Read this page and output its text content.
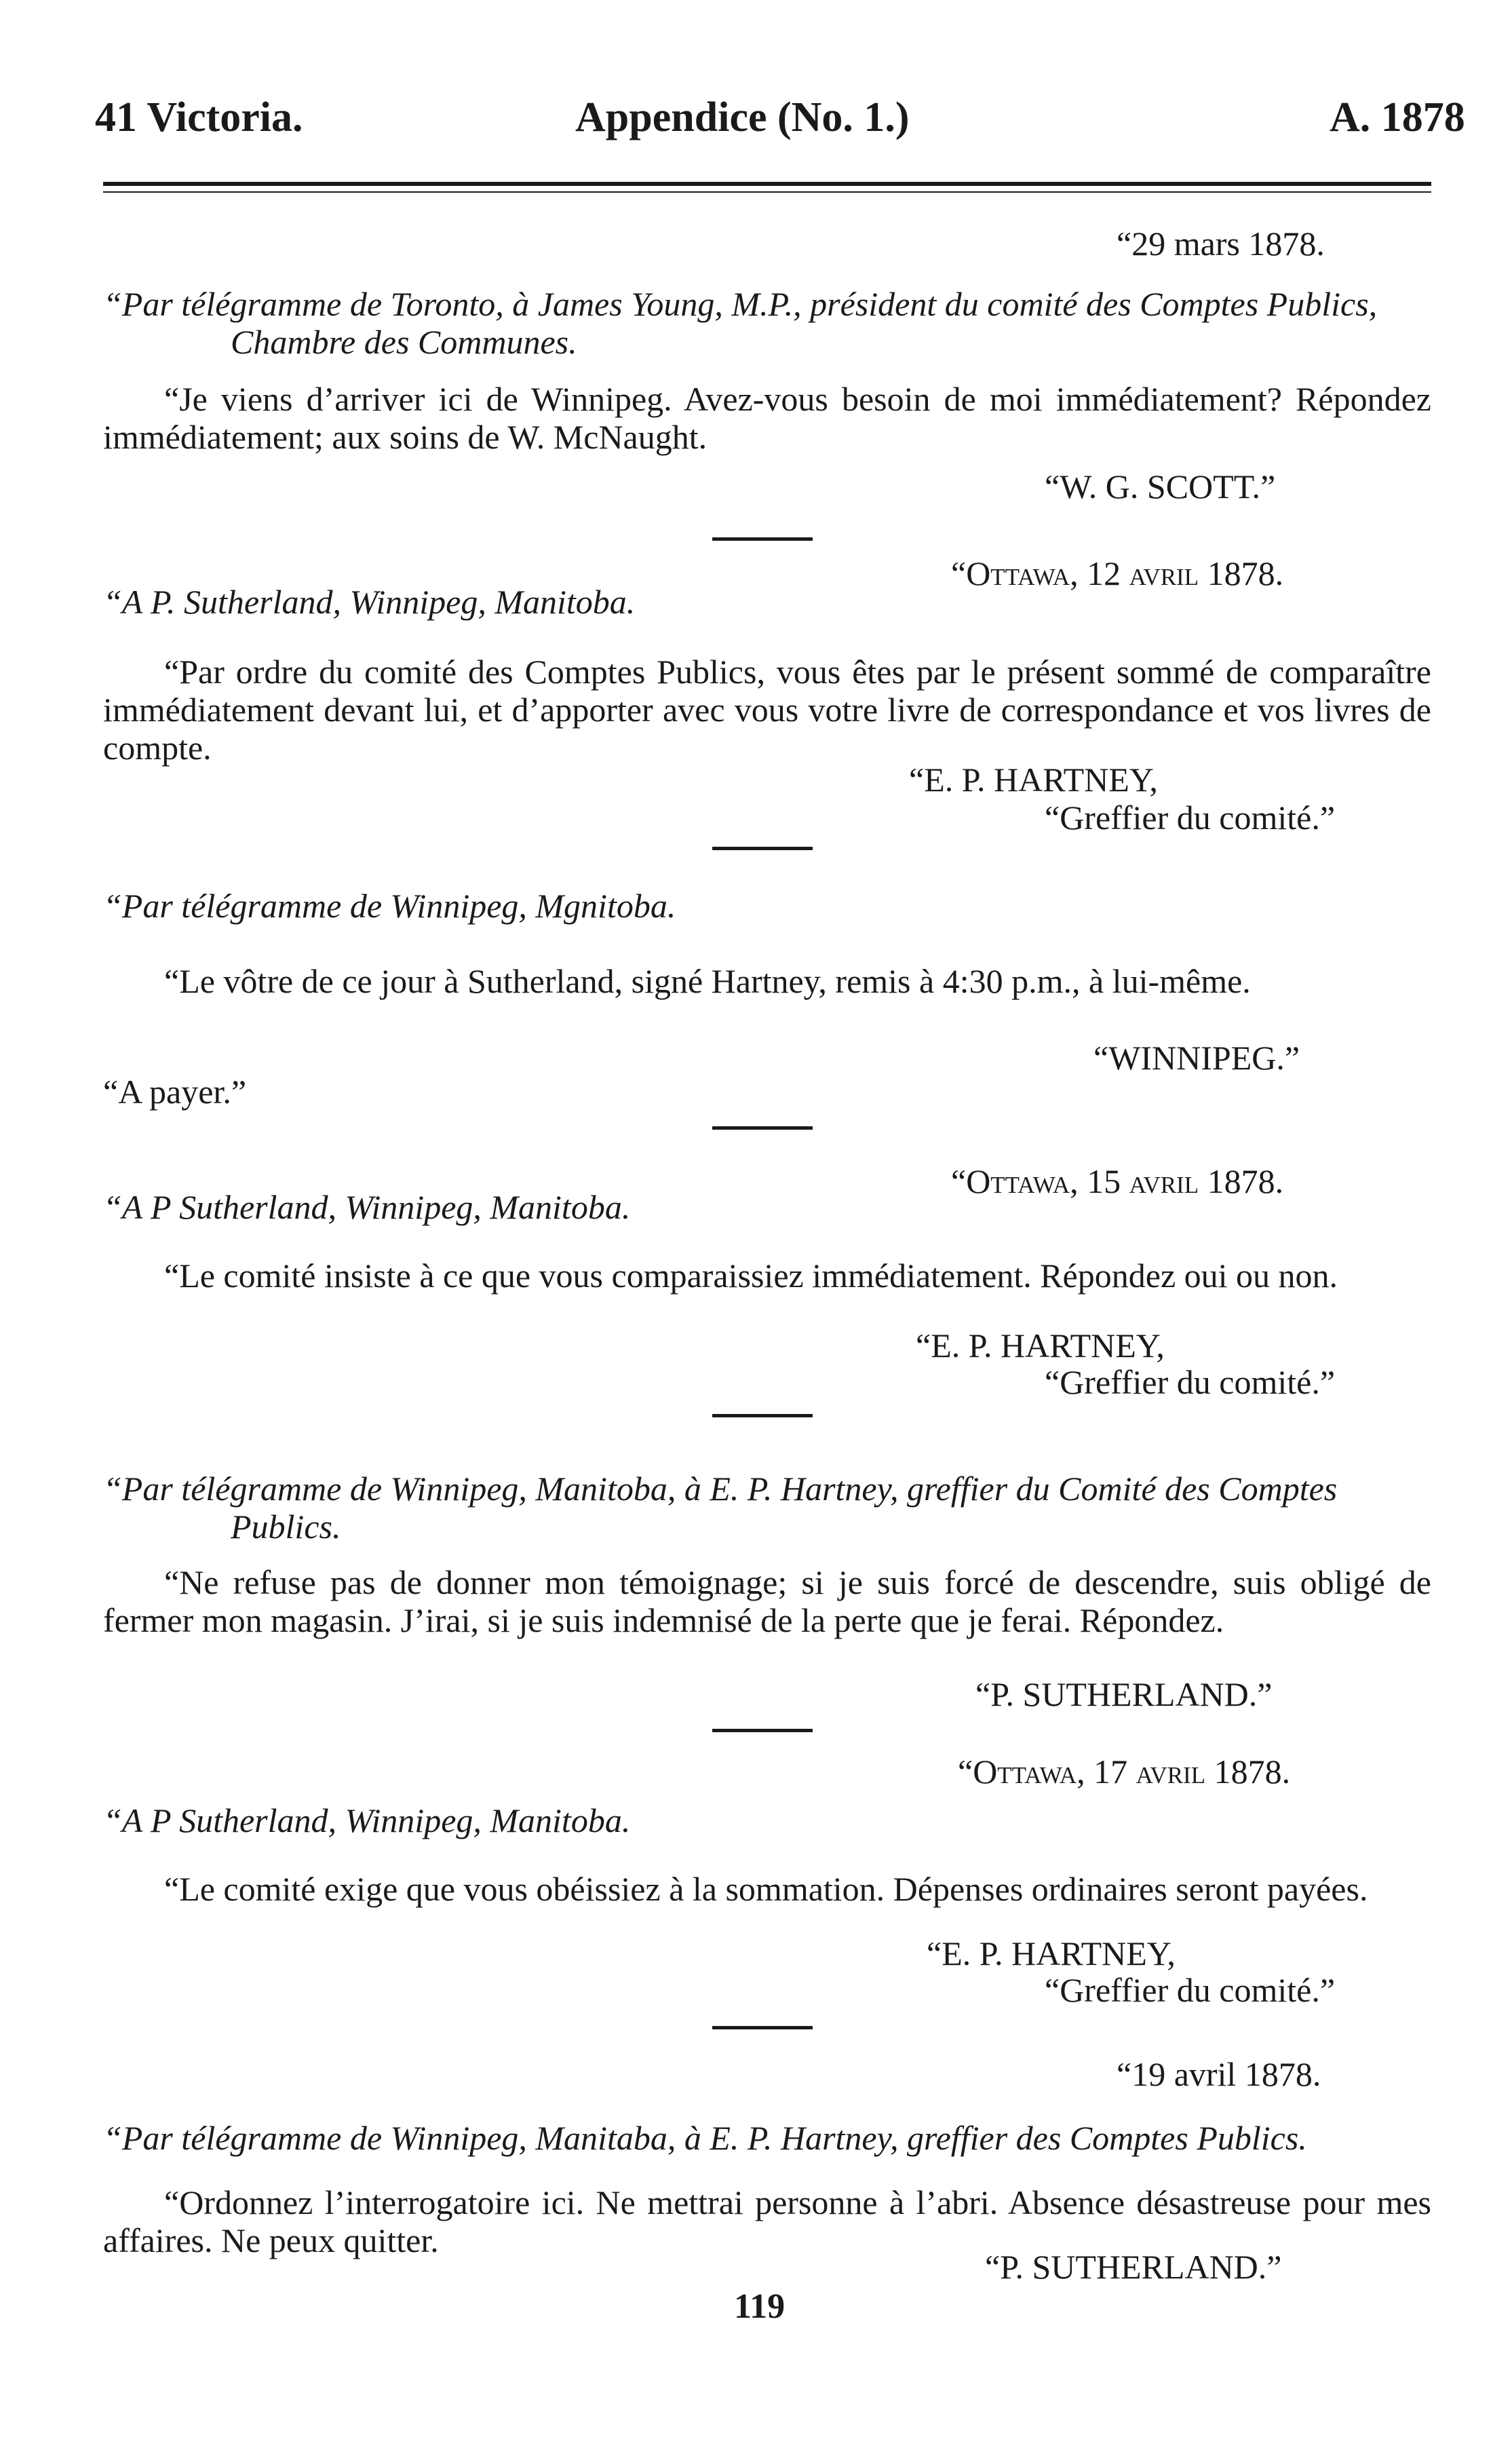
41 Victoria.	Appendice (No. 1.)	A. 1878
“29 mars 1878.
“Par télégramme de Toronto, à James Young, M.P., président du comité des Comptes Publics, Chambre des Communes.
“Je viens d’arriver ici de Winnipeg. Avez-vous besoin de moi immédiatement? Répondez immédiatement; aux soins de W. McNaught.
“W. G. SCOTT.”
“Ottawa, 12 avril 1878.
“A P. Sutherland, Winnipeg, Manitoba.
“Par ordre du comité des Comptes Publics, vous êtes par le présent sommé de comparaître immédiatement devant lui, et d’apporter avec vous votre livre de correspondance et vos livres de compte.
“E. P. HARTNEY,
“Greffier du comité.”
“Par télégramme de Winnipeg, Mgnitoba.
“Le vôtre de ce jour à Sutherland, signé Hartney, remis à 4:30 p.m., à lui-même.
“WINNIPEG.”
“A payer.”
“Ottawa, 15 avril 1878.
“A P Sutherland, Winnipeg, Manitoba.
“Le comité insiste à ce que vous comparaissiez immédiatement. Répondez oui ou non.
“E. P. HARTNEY,
“Greffier du comité.”
“Par télégramme de Winnipeg, Manitoba, à E. P. Hartney, greffier du Comité des Comptes Publics.
“Ne refuse pas de donner mon témoignage; si je suis forcé de descendre, suis obligé de fermer mon magasin. J’irai, si je suis indemnisé de la perte que je ferai. Répondez.
“P. SUTHERLAND.”
“Ottawa, 17 avril 1878.
“A P Sutherland, Winnipeg, Manitoba.
“Le comité exige que vous obéissiez à la sommation. Dépenses ordinaires seront payées.
“E. P. HARTNEY,
“Greffier du comité.”
“19 avril 1878.
“Par télégramme de Winnipeg, Manitaba, à E. P. Hartney, greffier des Comptes Publics.
“Ordonnez l’interrogatoire ici. Ne mettrai personne à l’abri. Absence désastreuse pour mes affaires. Ne peux quitter.
“P. SUTHERLAND.”
119
